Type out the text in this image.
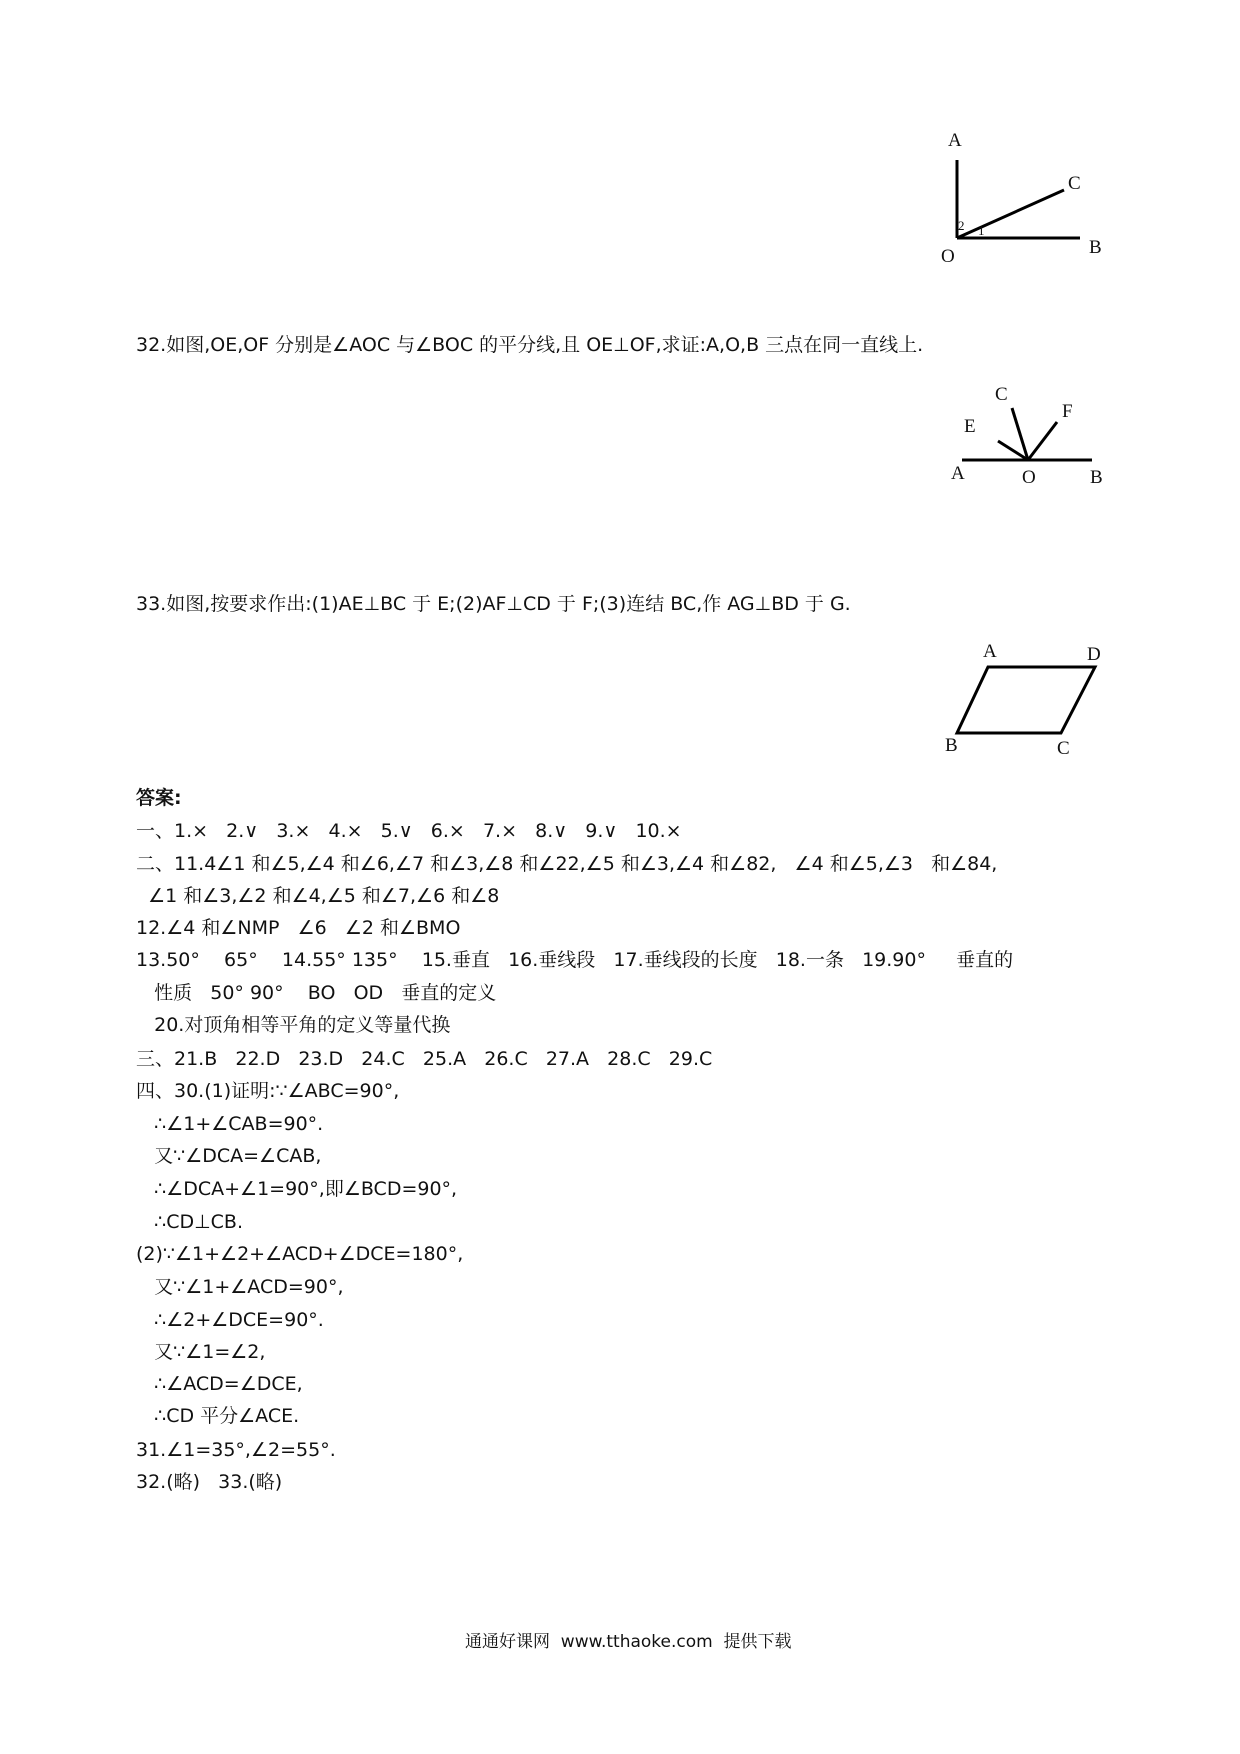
A
C
O	B
2 1
32.如图,OE,OF 分别是∠AOC 与∠BOC 的平分线,且 OE⊥OF,求证:A,O,B 三点在同一直线上.
C
E
F
A	O	B
33.如图,按要求作出:(1)AE⊥BC 于 E;(2)AF⊥CD 于 F;(3)连结 BC,作 AG⊥BD 于 G.
A	D
B	C
答案:
一、1.×   2.∨   3.×   4.×   5.∨   6.×   7.×   8.∨   9.∨   10.×
二、11.4∠1 和∠5,∠4 和∠6,∠7 和∠3,∠8 和∠22,∠5 和∠3,∠4 和∠82,   ∠4 和∠5,∠3   和∠84,
∠1 和∠3,∠2 和∠4,∠5 和∠7,∠6 和∠8
12.∠4 和∠NMP   ∠6   ∠2 和∠BMO
13.50°    65°    14.55° 135°    15.垂直   16.垂线段   17.垂线段的长度   18.一条   19.90°     垂直的
性质   50° 90°    BO   OD   垂直的定义
20.对顶角相等平角的定义等量代换
三、21.B   22.D   23.D   24.C   25.A   26.C   27.A   28.C   29.C
四、30.(1)证明:∵∠ABC=90°,
∴∠1+∠CAB=90°.
又∵∠DCA=∠CAB,
∴∠DCA+∠1=90°,即∠BCD=90°,
∴CD⊥CB.
(2)∵∠1+∠2+∠ACD+∠DCE=180°,
又∵∠1+∠ACD=90°,
∴∠2+∠DCE=90°.
又∵∠1=∠2,
∴∠ACD=∠DCE,
∴CD 平分∠ACE.
31.∠1=35°,∠2=55°.
32.(略)   33.(略)
通通好课网  www.tthaoke.com  提供下载
